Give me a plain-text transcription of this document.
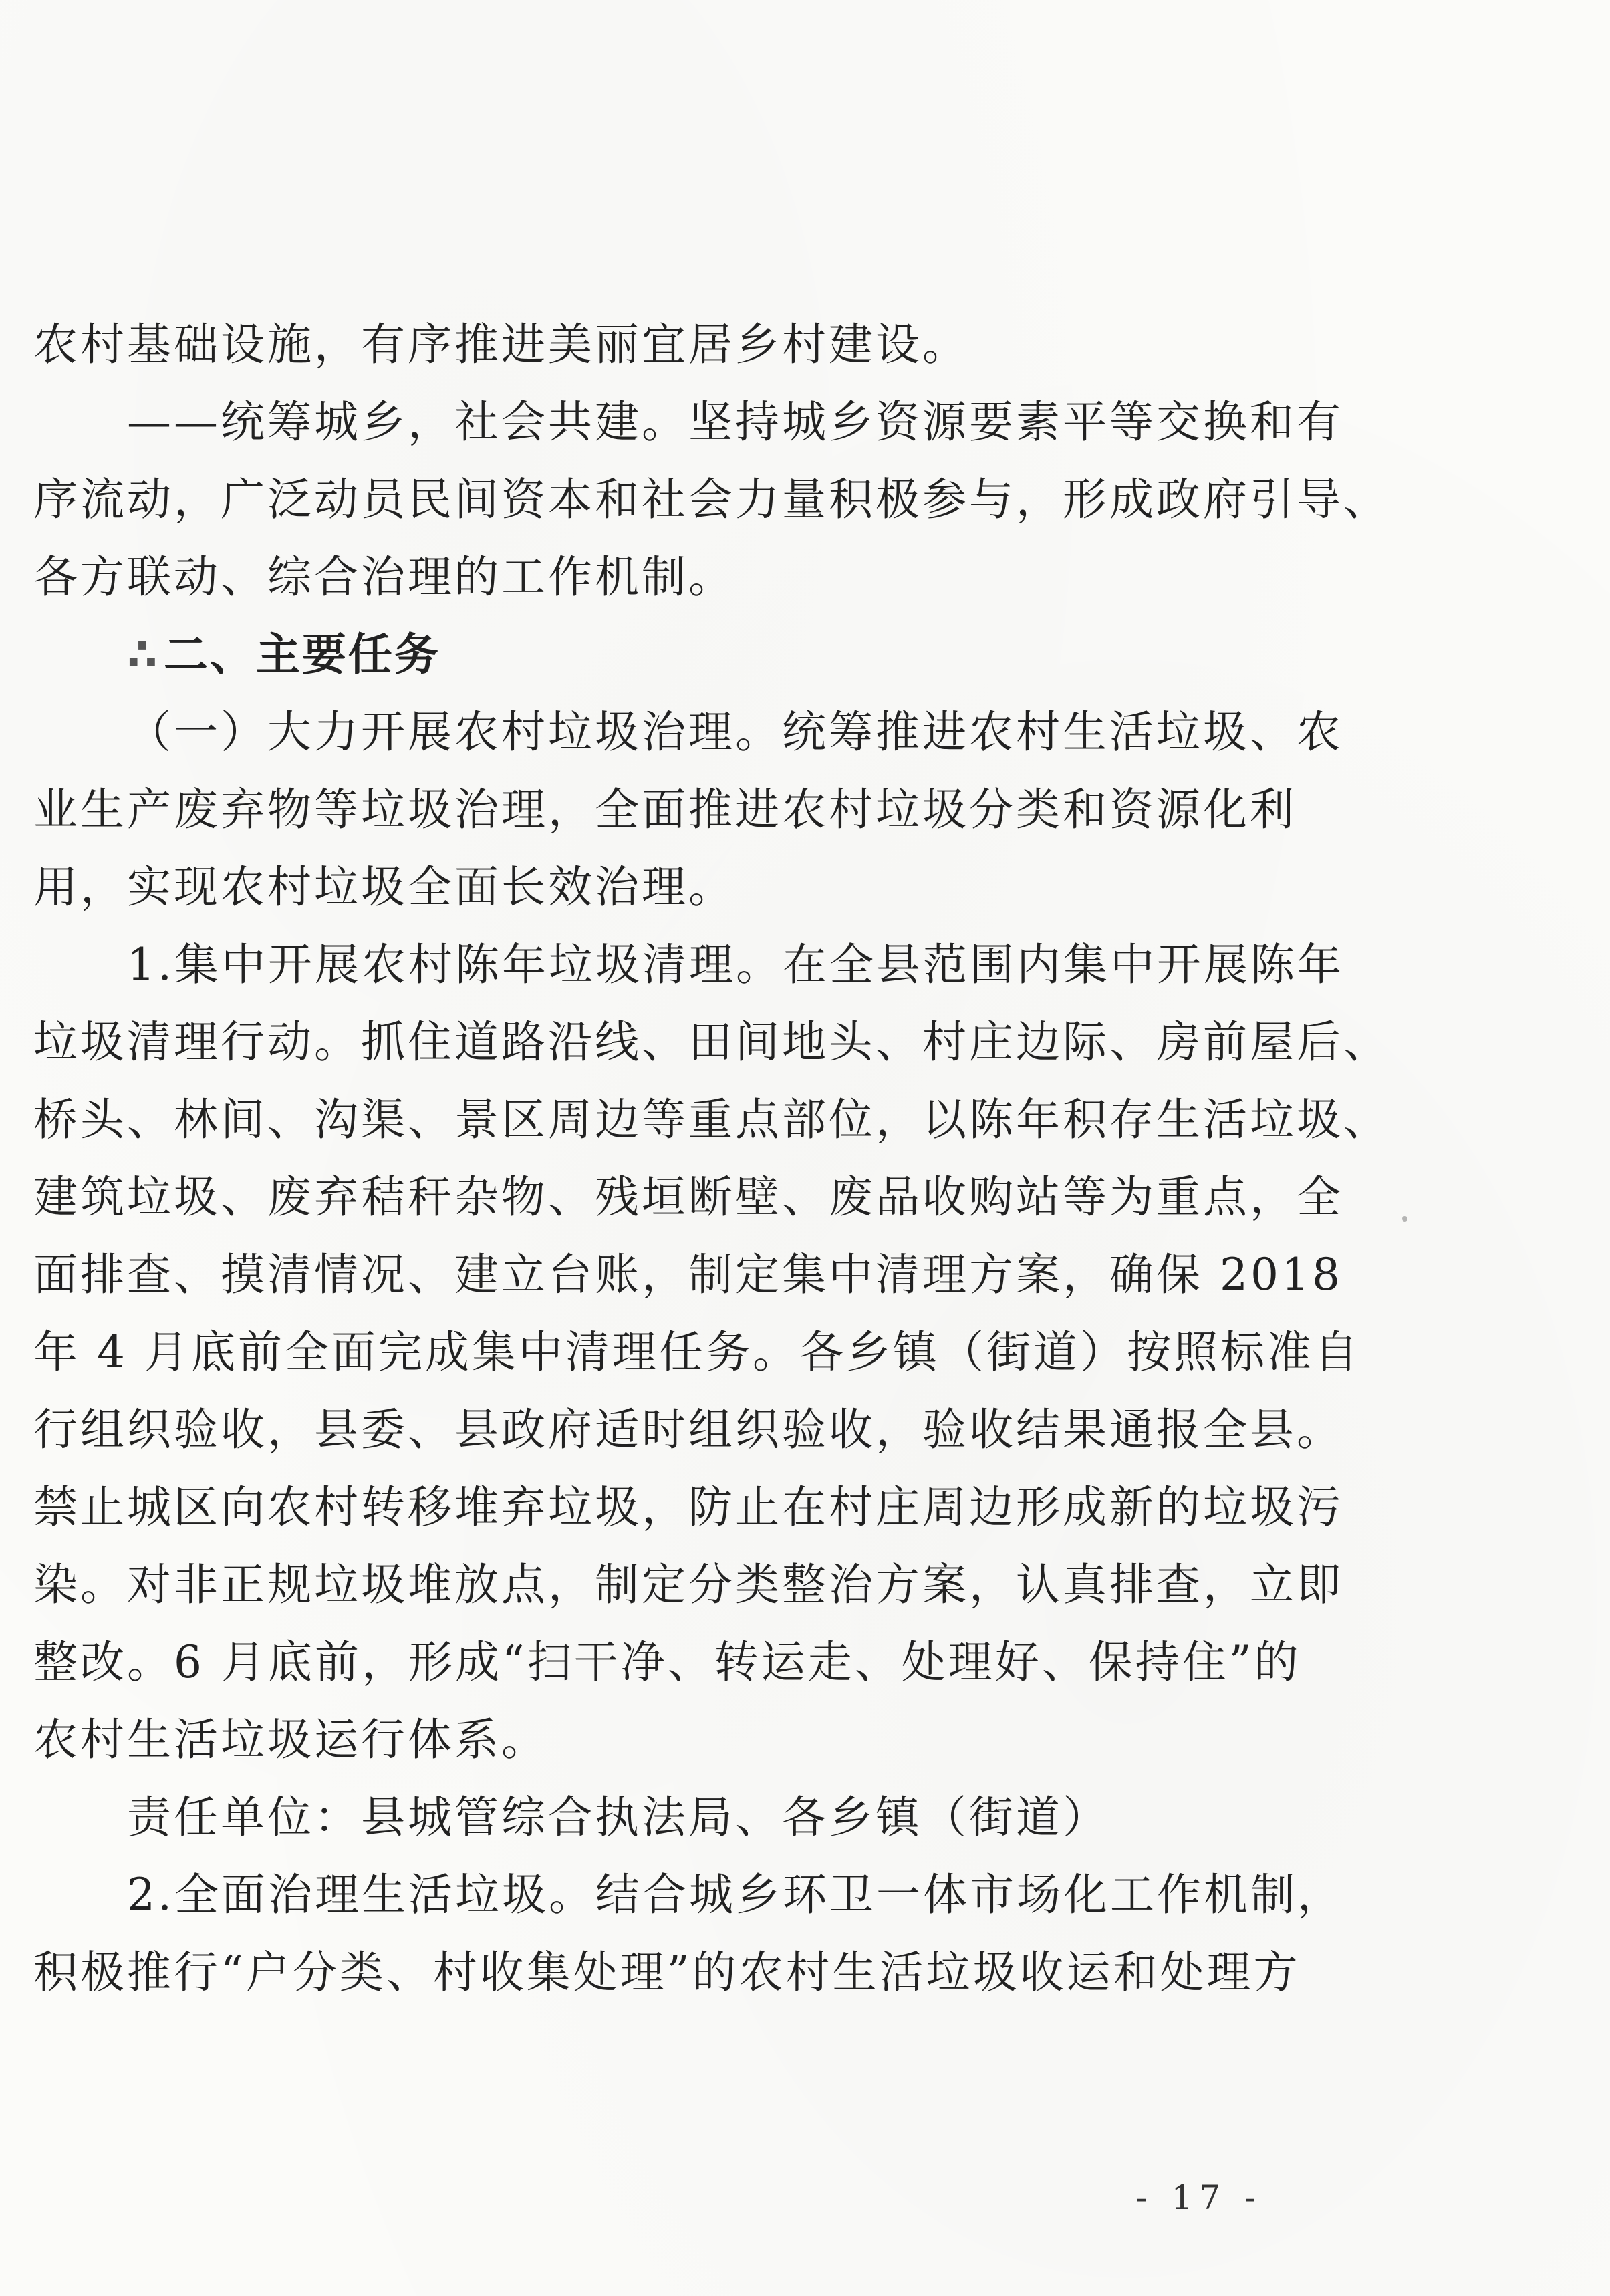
农村基础设施，有序推进美丽宜居乡村建设。
——统筹城乡，社会共建。坚持城乡资源要素平等交换和有
序流动，广泛动员民间资本和社会力量积极参与，形成政府引导、
各方联动、综合治理的工作机制。
∴二、主要任务
（一）大力开展农村垃圾治理。统筹推进农村生活垃圾、农
业生产废弃物等垃圾治理，全面推进农村垃圾分类和资源化利
用，实现农村垃圾全面长效治理。
1.集中开展农村陈年垃圾清理。在全县范围内集中开展陈年
垃圾清理行动。抓住道路沿线、田间地头、村庄边际、房前屋后、
桥头、林间、沟渠、景区周边等重点部位，以陈年积存生活垃圾、
建筑垃圾、废弃秸秆杂物、残垣断壁、废品收购站等为重点，全
面排查、摸清情况、建立台账，制定集中清理方案，确保 2018
年 4 月底前全面完成集中清理任务。各乡镇（街道）按照标准自
行组织验收，县委、县政府适时组织验收，验收结果通报全县。
禁止城区向农村转移堆弃垃圾，防止在村庄周边形成新的垃圾污
染。对非正规垃圾堆放点，制定分类整治方案，认真排查，立即
整改。6 月底前，形成“扫干净、转运走、处理好、保持住”的
农村生活垃圾运行体系。
责任单位：县城管综合执法局、各乡镇（街道）
2.全面治理生活垃圾。结合城乡环卫一体市场化工作机制，
积极推行“户分类、村收集处理”的农村生活垃圾收运和处理方
- 17 -
